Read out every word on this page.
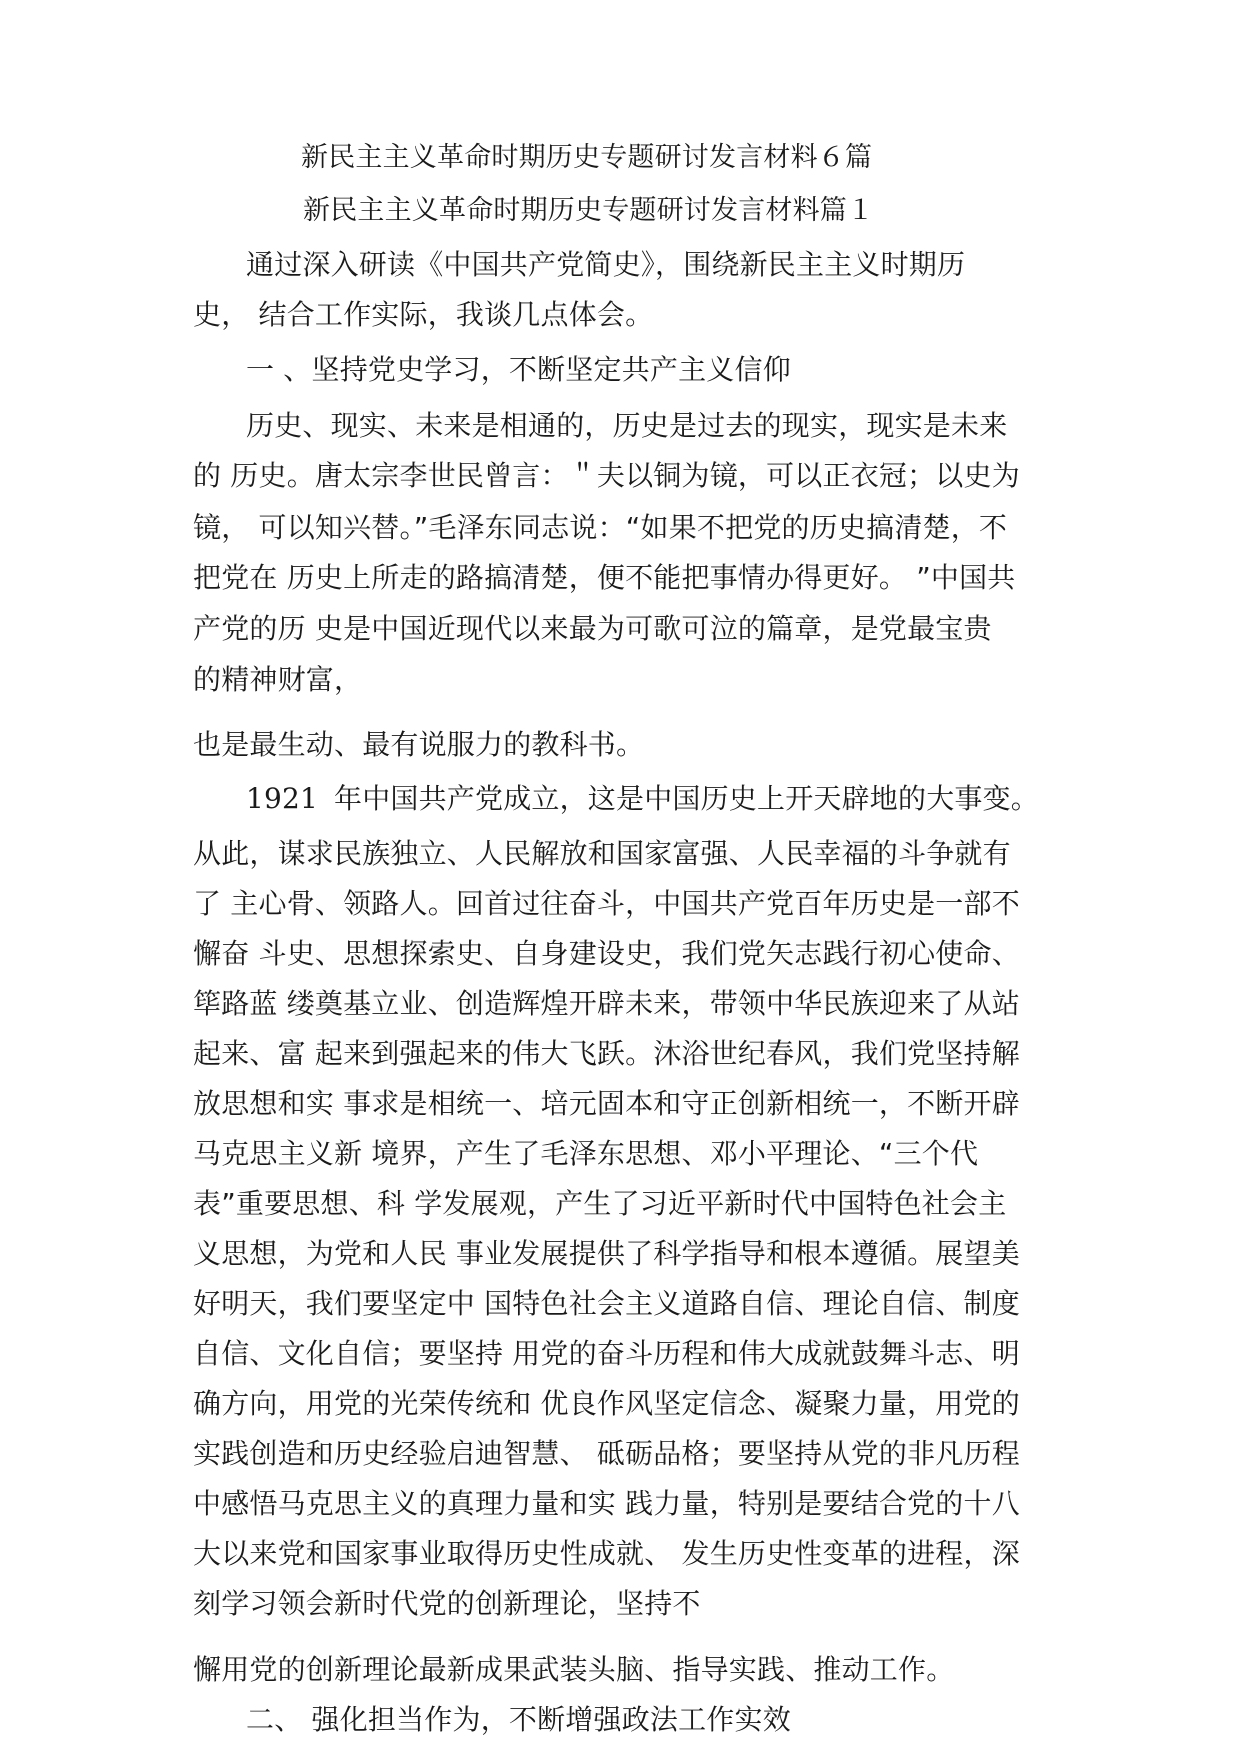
新民主主义革命时期历史专题研讨发言材料６篇
新民主主义革命时期历史专题研讨发言材料篇１
通过深入研读《中国共产党简史》，围绕新民主主义时期历
史， 结合工作实际，我谈几点体会。
一 、坚持党史学习，不断坚定共产主义信仰
历史、现实、未来是相通的，历史是过去的现实，现实是未来
的 历史。唐太宗李世民曾言：＂夫以铜为镜，可以正衣冠；以史为
镜， 可以知兴替。”毛泽东同志说：“如果不把党的历史搞清楚，不
把党在 历史上所走的路搞清楚，便不能把事情办得更好。 ”中国共
产党的历 史是中国近现代以来最为可歌可泣的篇章，是党最宝贵
的精神财富，
也是最生动、最有说服力的教科书。
1921 年中国共产党成立，这是中国历史上开天辟地的大事变。
从此，谋求民族独立、人民解放和国家富强、人民幸福的斗争就有
了 主心骨、领路人。回首过往奋斗，中国共产党百年历史是一部不
懈奋 斗史、思想探索史、自身建设史，我们党矢志践行初心使命、
筚路蓝 缕奠基立业、创造辉煌开辟未来，带领中华民族迎来了从站
起来、富 起来到强起来的伟大飞跃。沐浴世纪春风，我们党坚持解
放思想和实 事求是相统一、培元固本和守正创新相统一，不断开辟
马克思主义新 境界，产生了毛泽东思想、邓小平理论、“三个代
表”重要思想、科 学发展观，产生了习近平新时代中国特色社会主
义思想，为党和人民 事业发展提供了科学指导和根本遵循。展望美
好明天，我们要坚定中 国特色社会主义道路自信、理论自信、制度
自信、文化自信；要坚持 用党的奋斗历程和伟大成就鼓舞斗志、明
确方向，用党的光荣传统和 优良作风坚定信念、凝聚力量，用党的
实践创造和历史经验启迪智慧、 砥砺品格；要坚持从党的非凡历程
中感悟马克思主义的真理力量和实 践力量，特别是要结合党的十八
大以来党和国家事业取得历史性成就、 发生历史性变革的进程，深
刻学习领会新时代党的创新理论，坚持不
懈用党的创新理论最新成果武装头脑、指导实践、推动工作。
二、 强化担当作为，不断增强政法工作实效
